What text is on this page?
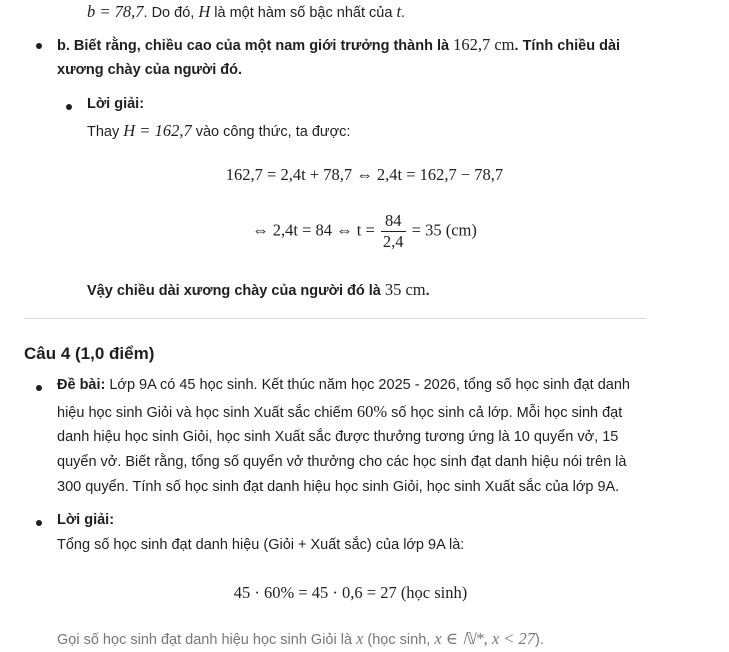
b = 78,7. Do đó, H là một hàm số bậc nhất của t.
b. Biết rằng, chiều cao của một nam giới trưởng thành là 162,7 cm. Tính chiều dài
xương chày của người đó.
Lời giải:
Thay H = 162,7 vào công thức, ta được:
162,7 = 2,4t + 78,7 ⇔ 2,4t = 162,7 − 78,7
⇔ 2,4t = 84 ⇔ $t = \frac{84}{2,4} = 35$ (cm)
Vậy chiều dài xương chày của người đó là 35 cm.
Câu 4 (1,0 điểm)
Đề bài: Lớp 9A có 45 học sinh. Kết thúc năm học 2025 - 2026, tổng số học sinh đạt danh
hiệu học sinh Giỏi và học sinh Xuất sắc chiếm 60% số học sinh cả lớp. Mỗi học sinh đạt
danh hiệu học sinh Giỏi, học sinh Xuất sắc được thưởng tương ứng là 10 quyển vở, 15
quyển vở. Biết rằng, tổng số quyển vở thưởng cho các học sinh đạt danh hiệu nói trên là
300 quyển. Tính số học sinh đạt danh hiệu học sinh Giỏi, học sinh Xuất sắc của lớp 9A.
Lời giải:
Tổng số học sinh đạt danh hiệu (Giỏi + Xuất sắc) của lớp 9A là:
45 · 60% = 45 · 0,6 = 27 (học sinh)
Gọi số học sinh đạt danh hiệu học sinh Giỏi là x (học sinh, x ∈ ℕ*, x < 27).
